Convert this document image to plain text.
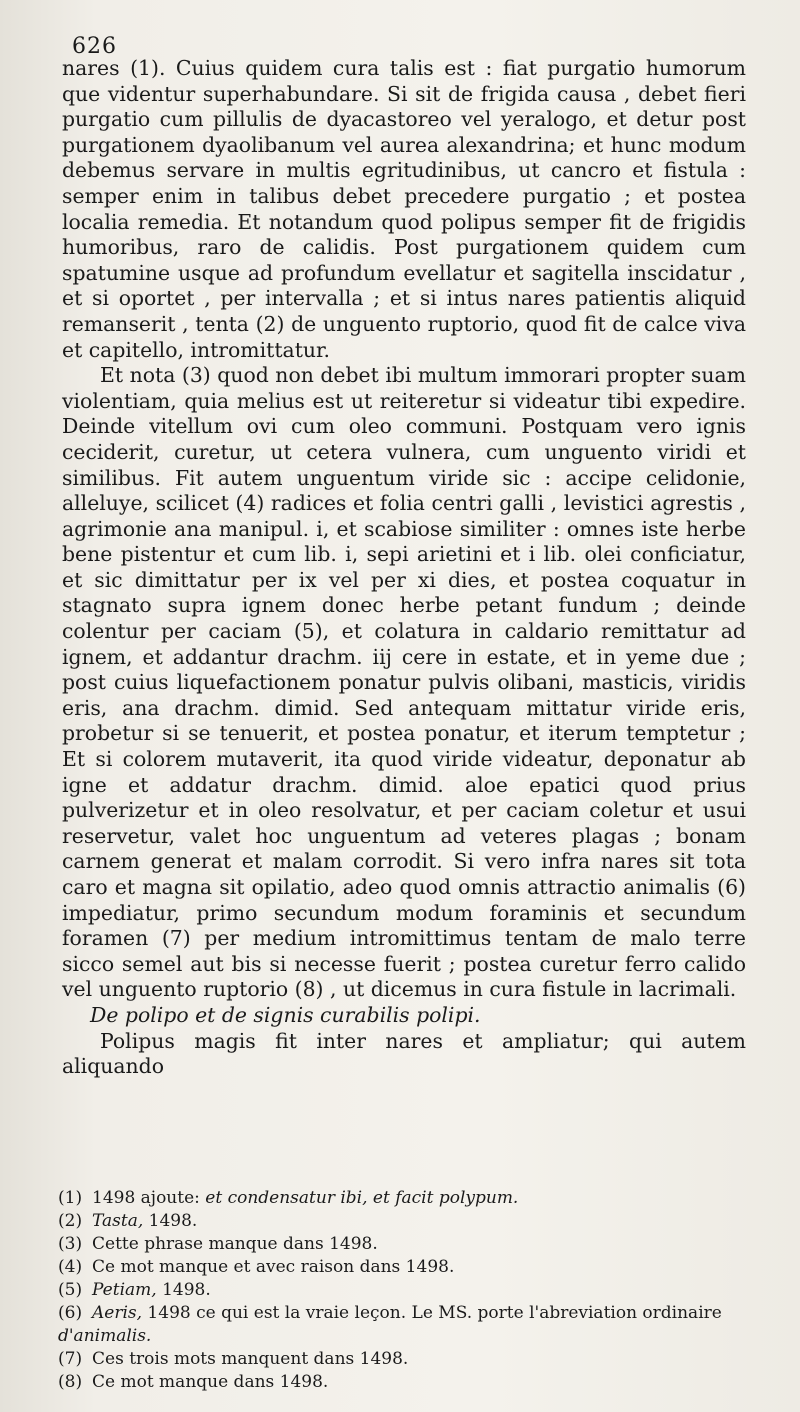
626

nares (1). Cuius quidem cura talis est : fiat purgatio humorum que videntur superhabundare. Si sit de frigida causa , debet fieri purgatio cum pillulis de dyacastoreo vel yeralogo, et detur post purgationem dyaolibanum vel aurea alexandrina; et hunc modum debemus servare in multis egritudinibus, ut cancro et fistula : semper enim in talibus debet precedere purgatio ; et postea localia remedia. Et notandum quod polipus semper fit de frigidis humoribus, raro de calidis. Post purgationem quidem cum spatumine usque ad profundum evellatur et sagitella inscidatur , et si oportet , per intervalla ; et si intus nares patientis aliquid remanserit , tenta (2) de unguento ruptorio, quod fit de calce viva et capitello, intromittatur.

Et nota (3) quod non debet ibi multum immorari propter suam violentiam, quia melius est ut reiteretur si videatur tibi expedire. Deinde vitellum ovi cum oleo communi. Postquam vero ignis ceciderit, curetur, ut cetera vulnera, cum unguento viridi et similibus. Fit autem unguentum viride sic : accipe celidonie, alleluye, scilicet (4) radices et folia centri galli , levistici agrestis , agrimonie ana manipul. i, et scabiose similiter : omnes iste herbe bene pistentur et cum lib. i, sepi arietini et i lib. olei conficiatur, et sic dimittatur per ix vel per xi dies, et postea coquatur in stagnato supra ignem donec herbe petant fundum ; deinde colentur per caciam (5), et colatura in caldario remittatur ad ignem, et addantur drachm. iij cere in estate, et in yeme due ; post cuius liquefactionem ponatur pulvis olibani, masticis, viridis eris, ana drachm. dimid. Sed antequam mittatur viride eris, probetur si se tenuerit, et postea ponatur, et iterum temptetur ; Et si colorem mutaverit, ita quod viride videatur, deponatur ab igne et addatur drachm. dimid. aloe epatici quod prius pulverizetur et in oleo resolvatur, et per caciam coletur et usui reservetur, valet hoc unguentum ad veteres plagas ; bonam carnem generat et malam corrodit. Si vero infra nares sit tota caro et magna sit opilatio, adeo quod omnis attractio animalis (6) impediatur, primo secundum modum foraminis et secundum foramen (7) per medium intromittimus tentam de malo terre sicco semel aut bis si necesse fuerit ; postea curetur ferro calido vel unguento ruptorio (8) , ut dicemus in cura fistule in lacrimali.

De polipo et de signis curabilis polipi.

Polipus magis fit inter nares et ampliatur; qui autem aliquando

(1) 1498 ajoute: et condensatur ibi, et facit polypum.
(2) Tasta, 1498.
(3) Cette phrase manque dans 1498.
(4) Ce mot manque et avec raison dans 1498.
(5) Petiam, 1498.
(6) Aeris, 1498 ce qui est la vraie leçon. Le MS. porte l'abreviation ordinaire d'animalis.
(7) Ces trois mots manquent dans 1498.
(8) Ce mot manque dans 1498.
